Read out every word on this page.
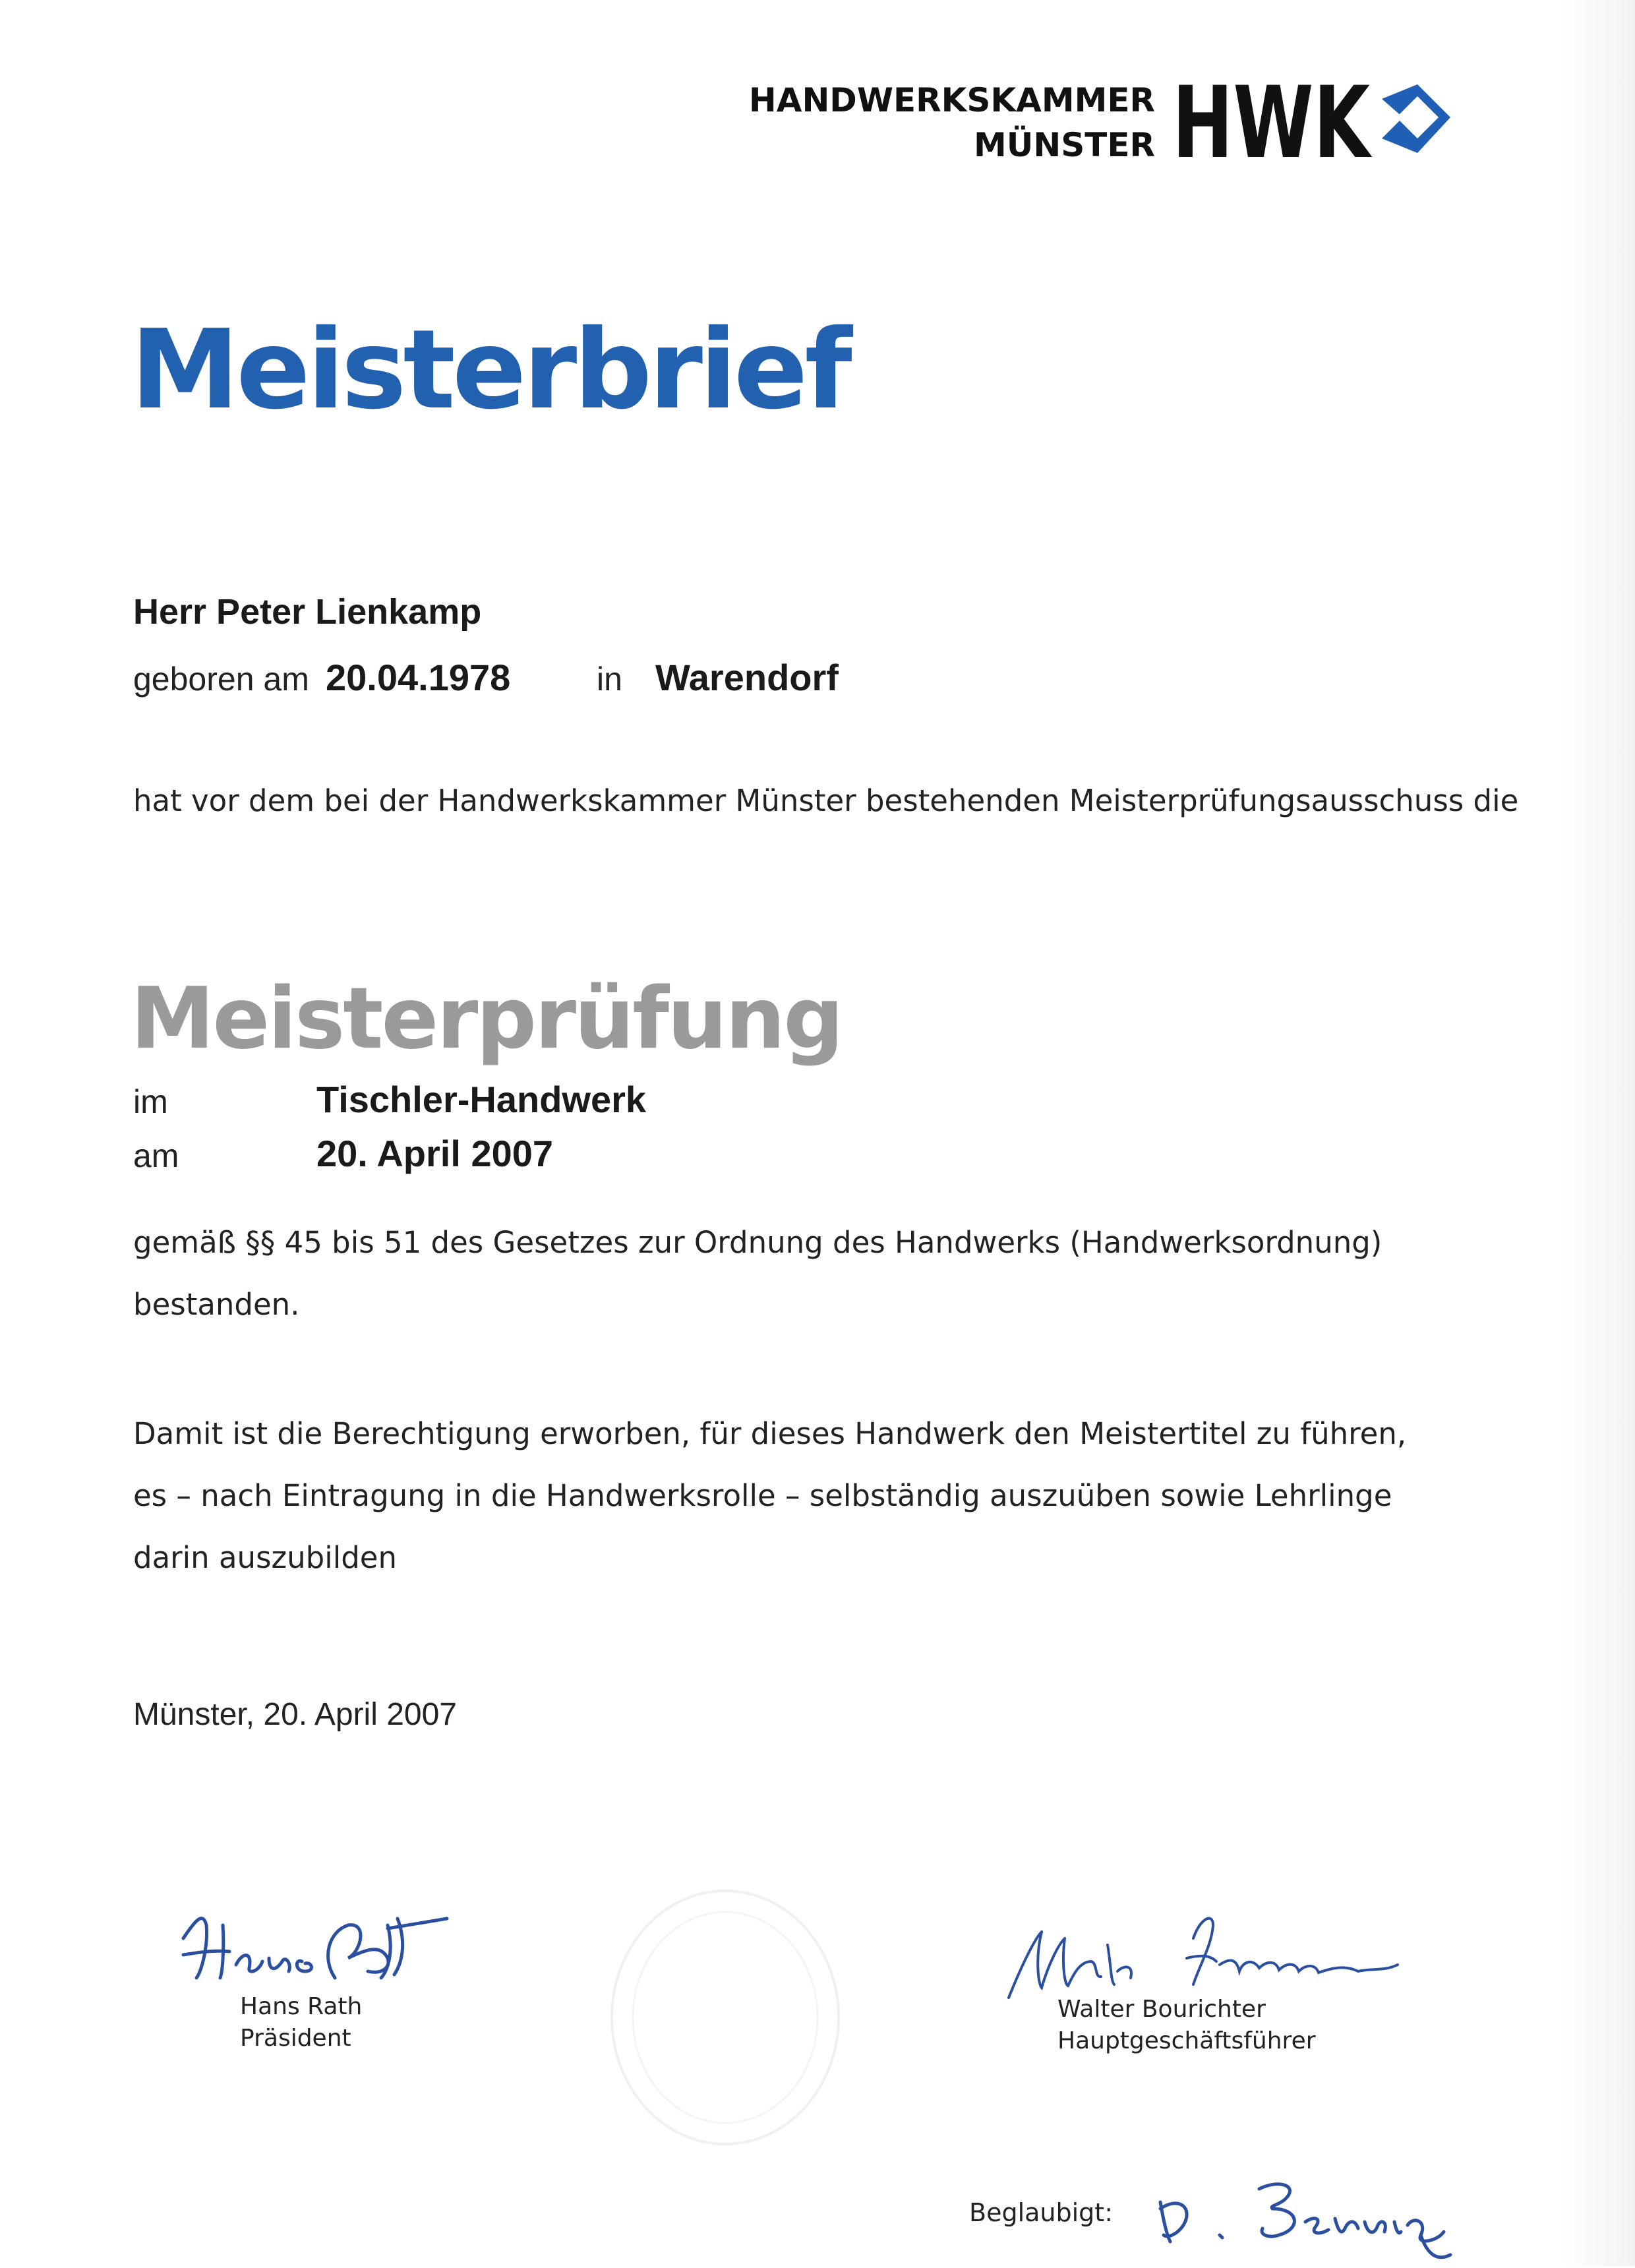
HANDWERKSKAMMER
MÜNSTER HWK
Meisterbrief
Herr Peter Lienkamp
geboren am 20.04.1978	in Warendorf
hat vor dem bei der Handwerkskammer Münster bestehenden Meisterprüfungsausschuss die
Meisterprüfung
im	Tischler-Handwerk
am	20. April 2007
gemäß §§ 45 bis 51 des Gesetzes zur Ordnung des Handwerks (Handwerksordnung)
bestanden.
Damit ist die Berechtigung erworben, für dieses Handwerk den Meistertitel zu führen,
es – nach Eintragung in die Handwerksrolle – selbständig auszuüben sowie Lehrlinge
darin auszubilden
Münster, 20. April 2007
Hans Rath
Präsident
Walter Bourichter
Hauptgeschäftsführer
Beglaubigt:
